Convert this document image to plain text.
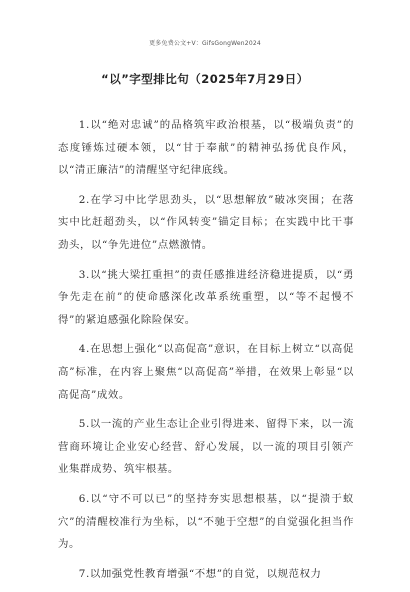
更多免费公文+V：GifsGongWen2024
“以”字型排比句（2025年7月29日）

1.以“绝对忠诚”的品格筑牢政治根基，以“极端负责”的态度锤炼过硬本领，以“甘于奉献”的精神弘扬优良作风，以“清正廉洁”的清醒坚守纪律底线。

2.在学习中比学思劲头，以“思想解放”破冰突围；在落实中比赶超劲头，以“作风转变”锚定目标；在实践中比干事劲头，以“争先进位”点燃激情。

3.以“挑大梁扛重担”的责任感推进经济稳进提质，以“勇争先走在前”的使命感深化改革系统重塑，以“等不起慢不得”的紧迫感强化除险保安。

4.在思想上强化“以高促高”意识，在目标上树立“以高促高”标准，在内容上聚焦“以高促高”举措，在效果上彰显“以高促高”成效。

5.以一流的产业生态让企业引得进来、留得下来，以一流营商环境让企业安心经营、舒心发展，以一流的项目引领产业集群成势、筑牢根基。

6.以“守不可以已”的坚持夯实思想根基，以“提溃于蚁穴”的清醒校准行为坐标，以“不驰于空想”的自觉强化担当作为。

7.以加强党性教育增强“不想”的自觉，以规范权力
